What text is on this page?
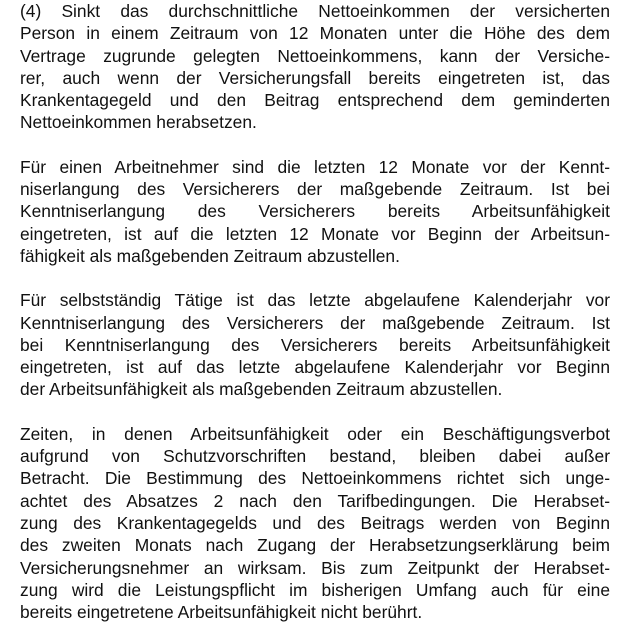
(4) Sinkt das durchschnittliche Nettoeinkommen der versicherten
Person in einem Zeitraum von 12 Monaten unter die Höhe des dem
Vertrage zugrunde gelegten Nettoeinkommens, kann der Versiche-
rer, auch wenn der Versicherungsfall bereits eingetreten ist, das
Krankentagegeld und den Beitrag entsprechend dem geminderten
Nettoeinkommen herabsetzen.

Für einen Arbeitnehmer sind die letzten 12 Monate vor der Kennt-
niserlangung des Versicherers der maßgebende Zeitraum. Ist bei
Kenntniserlangung des Versicherers bereits Arbeitsunfähigkeit
eingetreten, ist auf die letzten 12 Monate vor Beginn der Arbeitsun-
fähigkeit als maßgebenden Zeitraum abzustellen.

Für selbstständig Tätige ist das letzte abgelaufene Kalenderjahr vor
Kenntniserlangung des Versicherers der maßgebende Zeitraum. Ist
bei Kenntniserlangung des Versicherers bereits Arbeitsunfähigkeit
eingetreten, ist auf das letzte abgelaufene Kalenderjahr vor Beginn
der Arbeitsunfähigkeit als maßgebenden Zeitraum abzustellen.

Zeiten, in denen Arbeitsunfähigkeit oder ein Beschäftigungsverbot
aufgrund von Schutzvorschriften bestand, bleiben dabei außer
Betracht. Die Bestimmung des Nettoeinkommens richtet sich unge-
achtet des Absatzes 2 nach den Tarifbedingungen. Die Herabset-
zung des Krankentagegelds und des Beitrags werden von Beginn
des zweiten Monats nach Zugang der Herabsetzungserklärung beim
Versicherungsnehmer an wirksam. Bis zum Zeitpunkt der Herabset-
zung wird die Leistungspflicht im bisherigen Umfang auch für eine
bereits eingetretene Arbeitsunfähigkeit nicht berührt.
